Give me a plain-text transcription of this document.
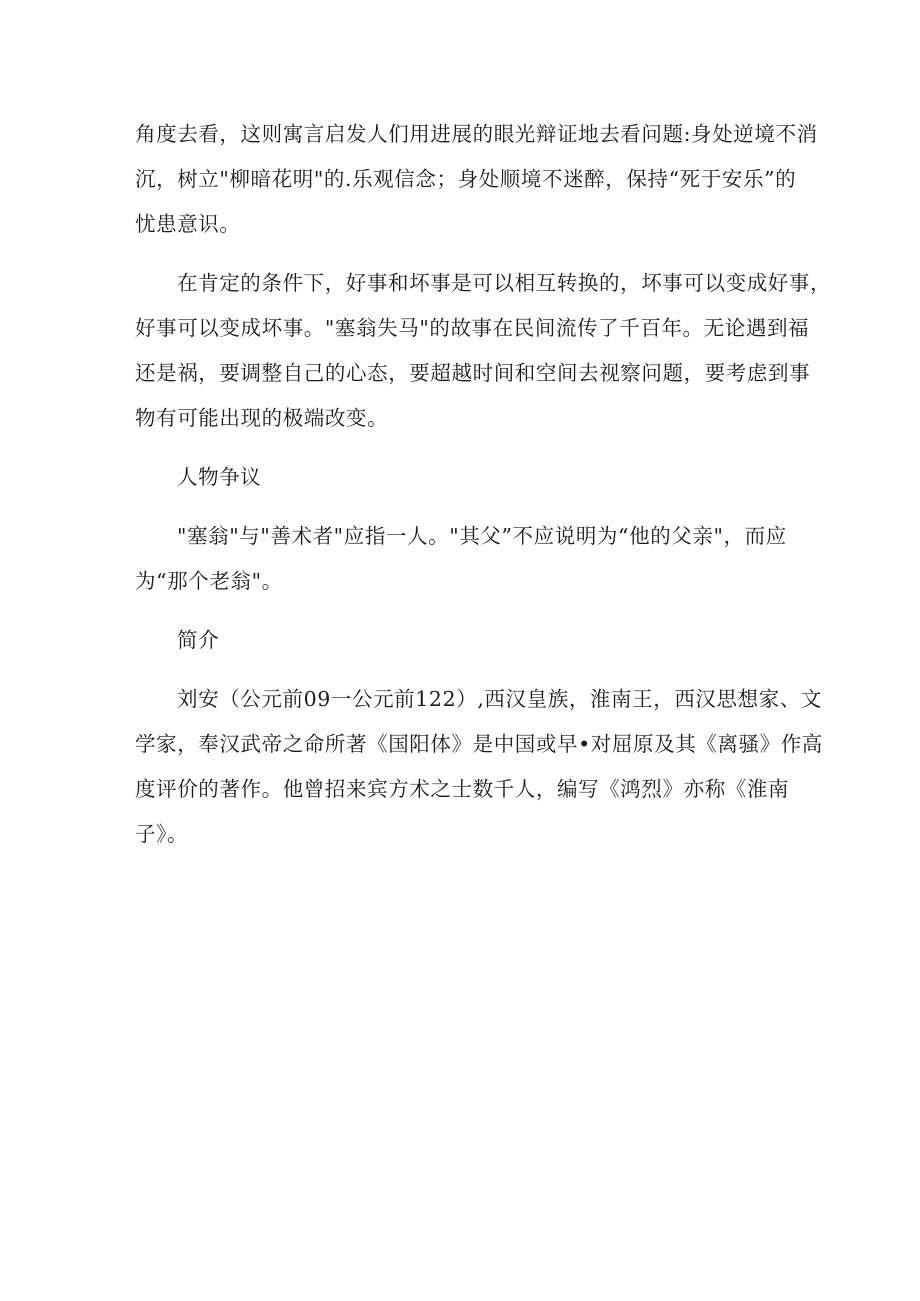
角度去看，这则寓言启发人们用进展的眼光辩证地去看问题:身处逆境不消
沉，树立"柳暗花明"的.乐观信念；身处顺境不迷醉，保持“死于安乐”的
忧患意识。

在肯定的条件下，好事和坏事是可以相互转换的，坏事可以变成好事，
好事可以变成坏事。"塞翁失马"的故事在民间流传了千百年。无论遇到福
还是祸，要调整自己的心态，要超越时间和空间去视察问题，要考虑到事
物有可能出现的极端改变。

人物争议

"塞翁"与"善术者"应指一人。"其父”不应说明为“他的父亲"，而应
为“那个老翁"。

简介

刘安（公元前09一公元前122）,西汉皇族，淮南王，西汉思想家、文
学家，奉汉武帝之命所著《国阳体》是中国或早•对屈原及其《离骚》作高
度评价的著作。他曾招来宾方术之士数千人，编写《鸿烈》亦称《淮南
子》。
